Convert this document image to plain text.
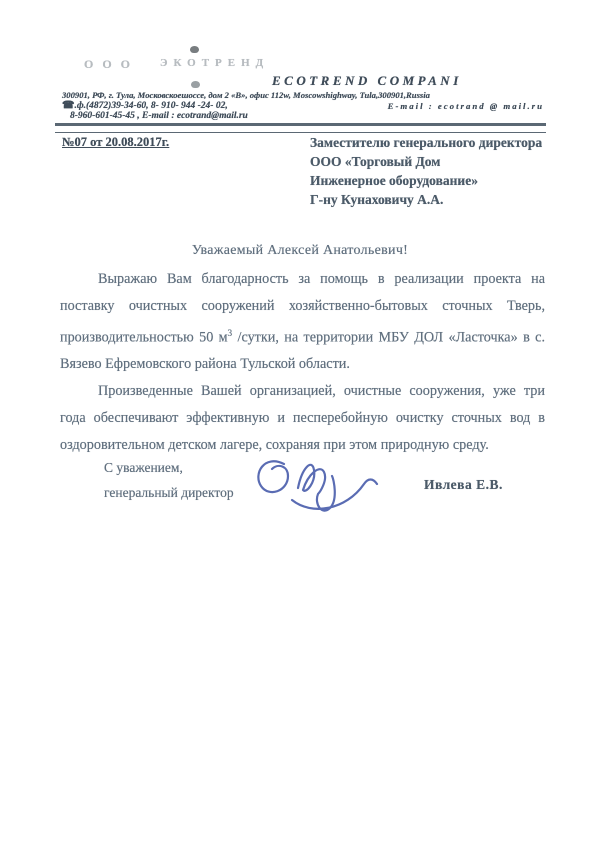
ООО ЭКОТРЕНД
ECOTREND COMPANI
300901, РФ, г. Тула, Московскоешоссе, дом 2 «В», офис 112w, Moscowshighway, Tula,300901,Russia
☎.ф.(4872)39-34-60, 8- 910- 944 -24- 02,	E-mail : ecotrand @ mail.ru
8-960-601-45-45 , E-mail : ecotrand@mail.ru
№07 от 20.08.2017г.	Заместителю генерального директора
ООО «Торговый Дом
Инженерное оборудование»
Г-ну Кунаховичу А.А.
Уважаемый Алексей Анатольевич!

Выражаю Вам благодарность за помощь в реализации проекта на поставку очистных сооружений хозяйственно-бытовых сточных Тверь, производительностью 50 $м^3$ /сутки, на территории МБУ ДОЛ «Ласточка» в с. Вязево Ефремовского района Тульской области.

Произведенные Вашей организацией, очистные сооружения, уже три года обеспечивают эффективную и песперебойную очистку сточных вод в оздоровительном детском лагере, сохраняя при этом природную среду.

С уважением,
генеральный директор
Ивлева Е.В.
